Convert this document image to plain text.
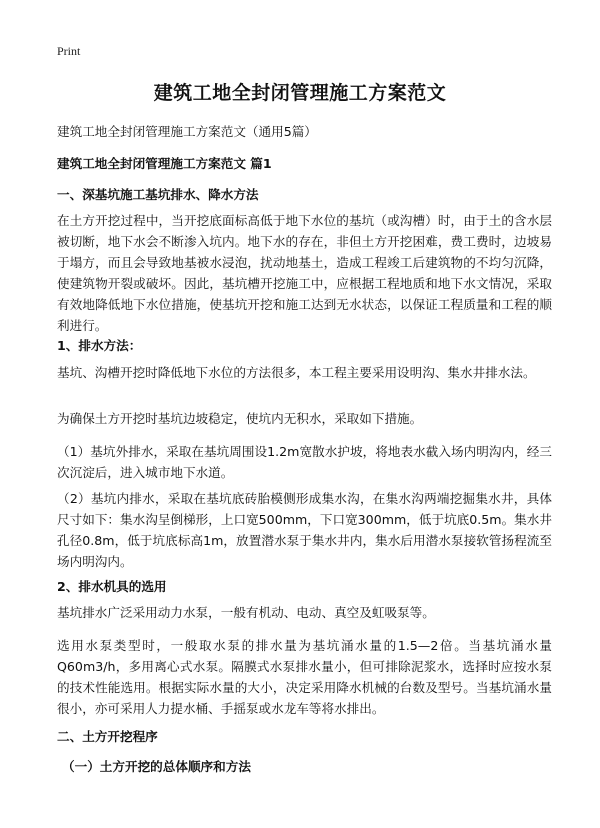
Print
建筑工地全封闭管理施工方案范文
建筑工地全封闭管理施工方案范文（通用5篇）
建筑工地全封闭管理施工方案范文 篇1
一、深基坑施工基坑排水、降水方法
在土方开挖过程中，当开挖底面标高低于地下水位的基坑（或沟槽）时，由于土的含水层被切断，地下水会不断渗入坑内。地下水的存在，非但土方开挖困难，费工费时，边坡易于塌方，而且会导致地基被水浸泡，扰动地基土，造成工程竣工后建筑物的不均匀沉降，使建筑物开裂或破坏。因此，基坑槽开挖施工中，应根据工程地质和地下水文情况，采取有效地降低地下水位措施，使基坑开挖和施工达到无水状态，以保证工程质量和工程的顺利进行。
1、排水方法：
基坑、沟槽开挖时降低地下水位的方法很多，本工程主要采用设明沟、集水井排水法。
为确保土方开挖时基坑边坡稳定，使坑内无积水，采取如下措施。
（1）基坑外排水，采取在基坑周围设1.2m宽散水护坡，将地表水截入场内明沟内，经三次沉淀后，进入城市地下水道。
（2）基坑内排水，采取在基坑底砖胎模侧形成集水沟，在集水沟两端挖掘集水井，具体尺寸如下：集水沟呈倒梯形，上口宽500mm，下口宽300mm，低于坑底0.5m。集水井孔径0.8m，低于坑底标高1m，放置潜水泵于集水井内，集水后用潜水泵接软管扬程流至场内明沟内。
2、排水机具的选用
基坑排水广泛采用动力水泵，一般有机动、电动、真空及虹吸泵等。
选用水泵类型时，一般取水泵的排水量为基坑涌水量的1.5—2倍。当基坑涌水量Q60m3/h，多用离心式水泵。隔膜式水泵排水量小，但可排除泥浆水，选择时应按水泵的技术性能选用。根据实际水量的大小，决定采用降水机械的台数及型号。当基坑涌水量很小，亦可采用人力提水桶、手摇泵或水龙车等将水排出。
二、土方开挖程序
（一）土方开挖的总体顺序和方法
